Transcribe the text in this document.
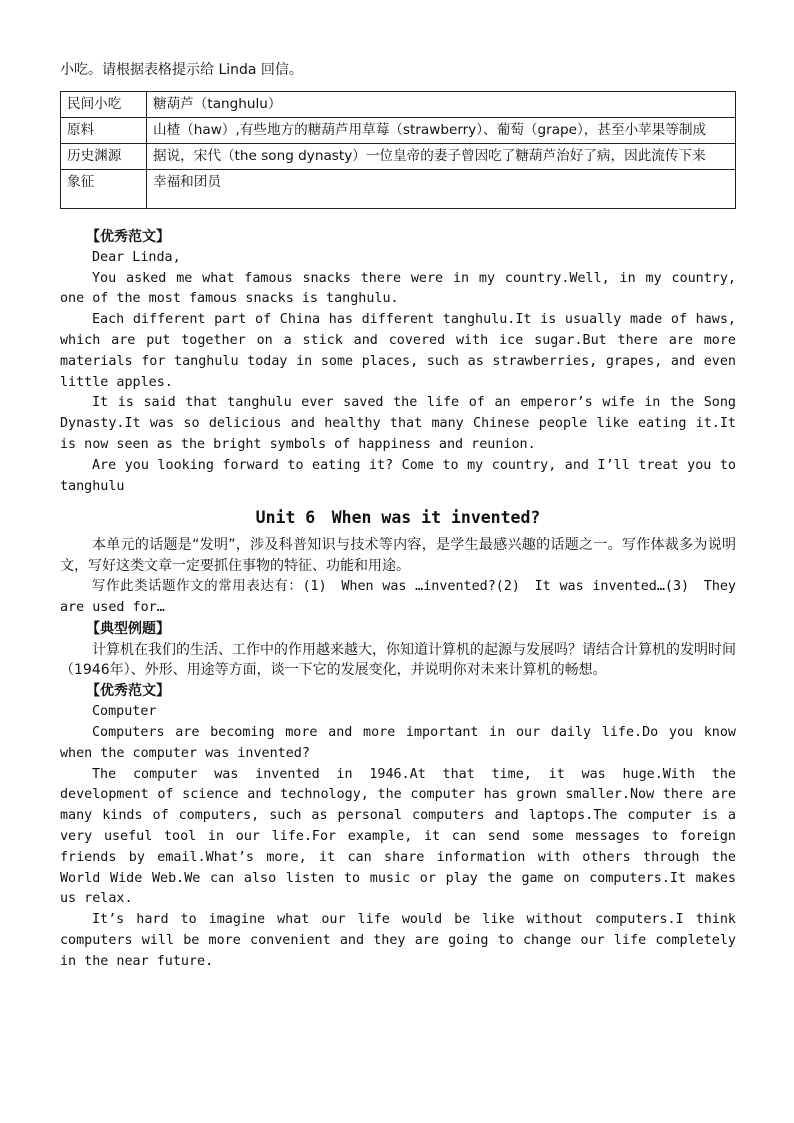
小吃。请根据表格提示给 Linda 回信。

民间小吃	糖葫芦（tanghulu）
原料	山楂（haw）,有些地方的糖葫芦用草莓（strawberry）、葡萄（grape），甚至小苹果等制成
历史渊源	据说，宋代（the song dynasty）一位皇帝的妻子曾因吃了糖葫芦治好了病，因此流传下来
象征	幸福和团员

【优秀范文】

Dear Linda,

You asked me what famous snacks there were in my country.Well, in my country, one of the most famous snacks is tanghulu.

Each different part of China has different tanghulu.It is usually made of haws, which are put together on a stick and covered with ice sugar.But there are more materials for tanghulu today in some places, such as strawberries, grapes, and even little apples.

It is said that tanghulu ever saved the life of an emperor’s wife in the Song Dynasty.It was so delicious and healthy that many Chinese people like eating it.It is now seen as the bright symbols of happiness and reunion.

Are you looking forward to eating it? Come to my country, and I’ll treat you to tanghulu

Unit 6　When was it invented?

本单元的话题是“发明”，涉及科普知识与技术等内容，是学生最感兴趣的话题之一。写作体裁多为说明文，写好这类文章一定要抓住事物的特征、功能和用途。

写作此类话题作文的常用表达有：(1)　When was …invented?(2)　It was invented…(3)　They are used for…

【典型例题】

计算机在我们的生活、工作中的作用越来越大，你知道计算机的起源与发展吗？请结合计算机的发明时间（1946年）、外形、用途等方面，谈一下它的发展变化，并说明你对未来计算机的畅想。

【优秀范文】

Computer

Computers are becoming more and more important in our daily life.Do you know when the computer was invented?

The computer was invented in 1946.At that time, it was huge.With the development of science and technology, the computer has grown smaller.Now there are many kinds of computers, such as personal computers and laptops.The computer is a very useful tool in our life.For example, it can send some messages to foreign friends by email.What’s more, it can share information with others through the World Wide Web.We can also listen to music or play the game on computers.It makes us relax.

It’s hard to imagine what our life would be like without computers.I think computers will be more convenient and they are going to change our life completely in the near future.
